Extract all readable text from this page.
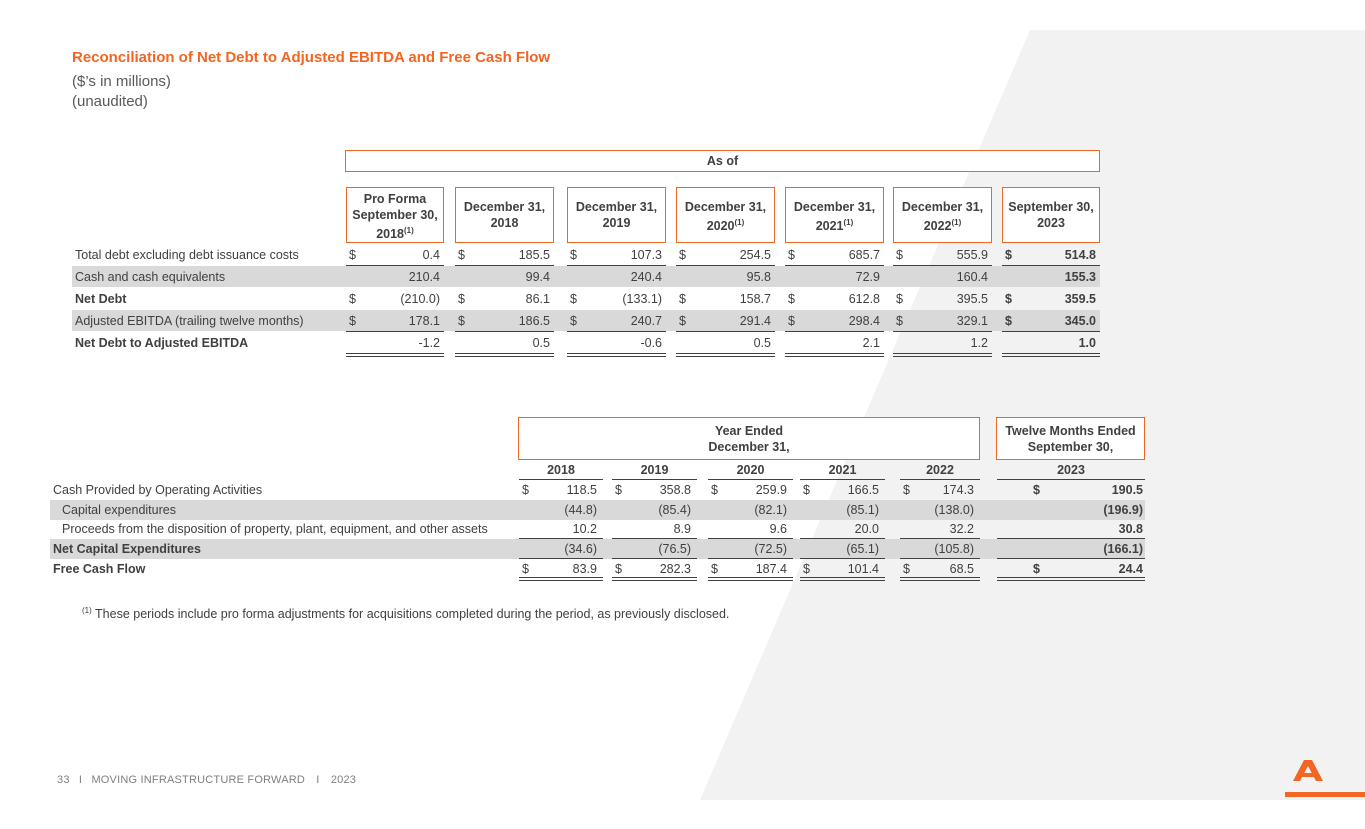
Reconciliation of Net Debt to Adjusted EBITDA and Free Cash Flow
($’s in millions)
(unaudited)
As of
Pro Forma
September 30,
2018$^{(1)}$
December 31,
2018
December 31,
2019
December 31,
2020$^{(1)}$
December 31,
2021$^{(1)}$
December 31,
2022$^{(1)}$
September 30,
2023
Total debt excluding debt issuance costs	$	0.4 $	185.5 $	107.3 $	254.5 $	685.7 $	555.9 $	514.8
Cash and cash equivalents	210.4	99.4	240.4	95.8	72.9	160.4	155.3
Net Debt	$	(210.0) $	86.1 $	(133.1) $	158.7 $	612.8 $	395.5 $	359.5
Adjusted EBITDA (trailing twelve months)	$	178.1 $	186.5 $	240.7 $	291.4 $	298.4 $	329.1 $	345.0
Net Debt to Adjusted EBITDA	-1.2	0.5	-0.6	0.5	2.1	1.2	1.0
Year Ended
December 31,
Twelve Months Ended
September 30,
2018	2019	2020	2021	2022	2023
Cash Provided by Operating Activities	$	118.5 $	358.8 $	259.9 $	166.5 $	174.3	$	190.5
Capital expenditures	(44.8)	(85.4)	(82.1)	(85.1)	(138.0)	(196.9)
Proceeds from the disposition of property, plant, equipment, and other assets	10.2	8.9	9.6	20.0	32.2	30.8
Net Capital Expenditures	(34.6)	(76.5)	(72.5)	(65.1)	(105.8)	(166.1)
Free Cash Flow	$	83.9 $	282.3 $	187.4 $	101.4 $	68.5	$	24.4
$^{(1)}$ These periods include pro forma adjustments for acquisitions completed during the period, as previously disclosed.
33 I MOVING INFRASTRUCTURE FORWARD I 2023
